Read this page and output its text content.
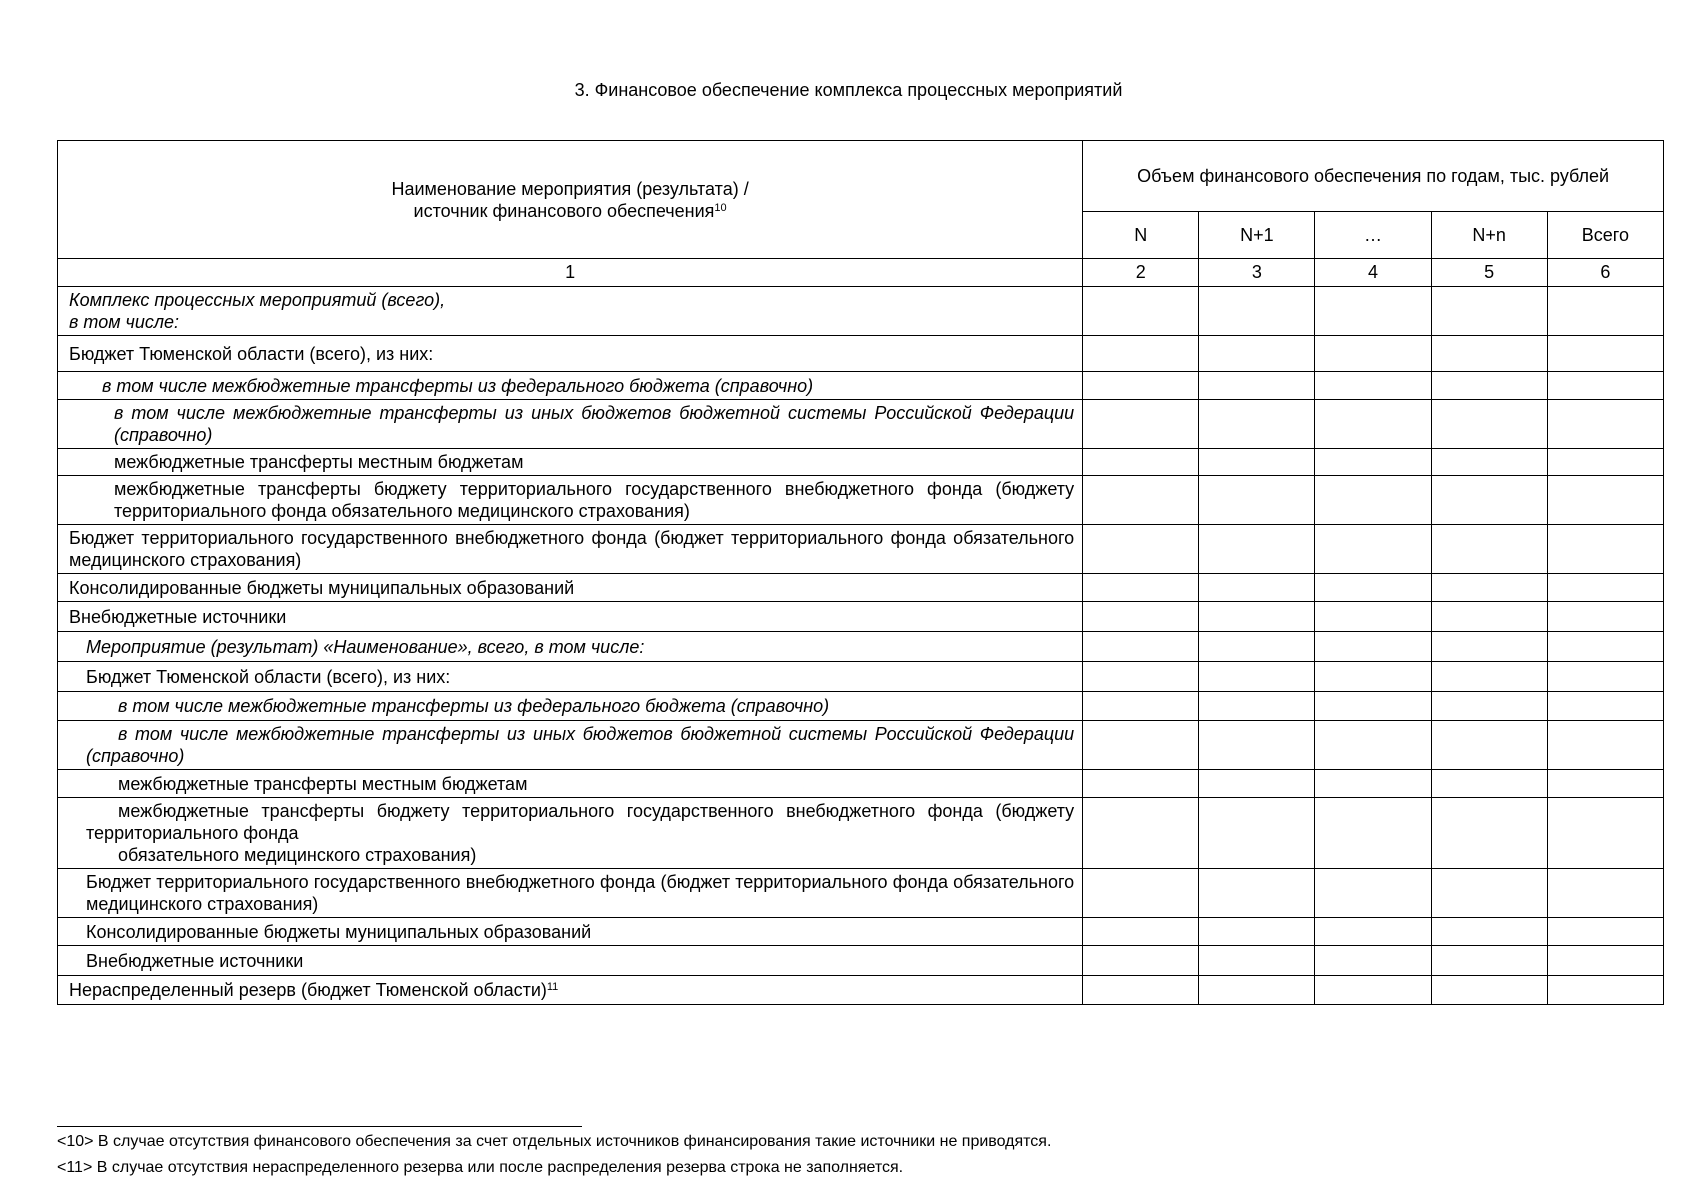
3. Финансовое обеспечение комплекса процессных мероприятий
Наименование мероприятия (результата) /
источник финансового обеспечения$^{10}$	Объем финансового обеспечения по годам, тыс. рублей				
	N	N+1	…	N+n	Всего
1	2	3	4	5	6
Комплекс процессных мероприятий (всего),
в том числе:					
Бюджет Тюменской области (всего), из них:					
в том числе межбюджетные трансферты из федерального бюджета (справочно)					
в том числе межбюджетные трансферты из иных бюджетов бюджетной системы Российской Федерации (справочно)					
межбюджетные трансферты местным бюджетам					
межбюджетные трансферты бюджету территориального государственного внебюджетного фонда (бюджету территориального фонда обязательного медицинского страхования)					
Бюджет территориального государственного внебюджетного фонда (бюджет территориального фонда обязательного медицинского страхования)					
Консолидированные бюджеты муниципальных образований					
Внебюджетные источники					
Мероприятие (результат) «Наименование», всего, в том числе:					
Бюджет Тюменской области (всего), из них:					
в том числе межбюджетные трансферты из федерального бюджета (справочно)					
в том числе межбюджетные трансферты из иных бюджетов бюджетной системы Российской Федерации (справочно)					
межбюджетные трансферты местным бюджетам					
межбюджетные трансферты бюджету территориального государственного внебюджетного фонда (бюджету территориального фонда
обязательного медицинского страхования)					
Бюджет территориального государственного внебюджетного фонда (бюджет территориального фонда обязательного медицинского страхования)					
Консолидированные бюджеты муниципальных образований					
Внебюджетные источники					
Нераспределенный резерв (бюджет Тюменской области)$^{11}$					
<10> В случае отсутствия финансового обеспечения за счет отдельных источников финансирования такие источники не приводятся.
<11> В случае отсутствия нераспределенного резерва или после распределения резерва строка не заполняется.
